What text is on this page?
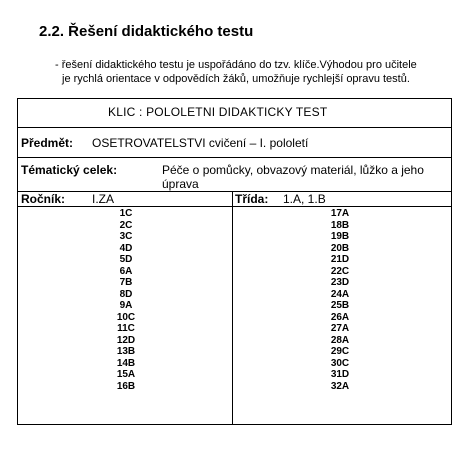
2.2. Řešení didaktického testu
- řešení didaktického testu je uspořádáno do tzv. klíče.Výhodou pro učitele
je rychlá orientace v odpovědích žáků, umožňuje rychlejší opravu testů.
KLIC : POLOLETNI DIDAKTICKY TEST
Předmět: OSETROVATELSTVI cvičení – I. pololetí
Tématický celek:	Péče o pomůcky, obvazový materiál, lůžko a jeho
úprava
Ročník: I.ZA	Třída: 1.A, 1.B
1C
2C
3C
4D
5D
6A
7B
8D
9A
10C
11C
12D
13B
14B
15A
16B
17A
18B
19B
20B
21D
22C
23D
24A
25B
26A
27A
28A
29C
30C
31D
32A
